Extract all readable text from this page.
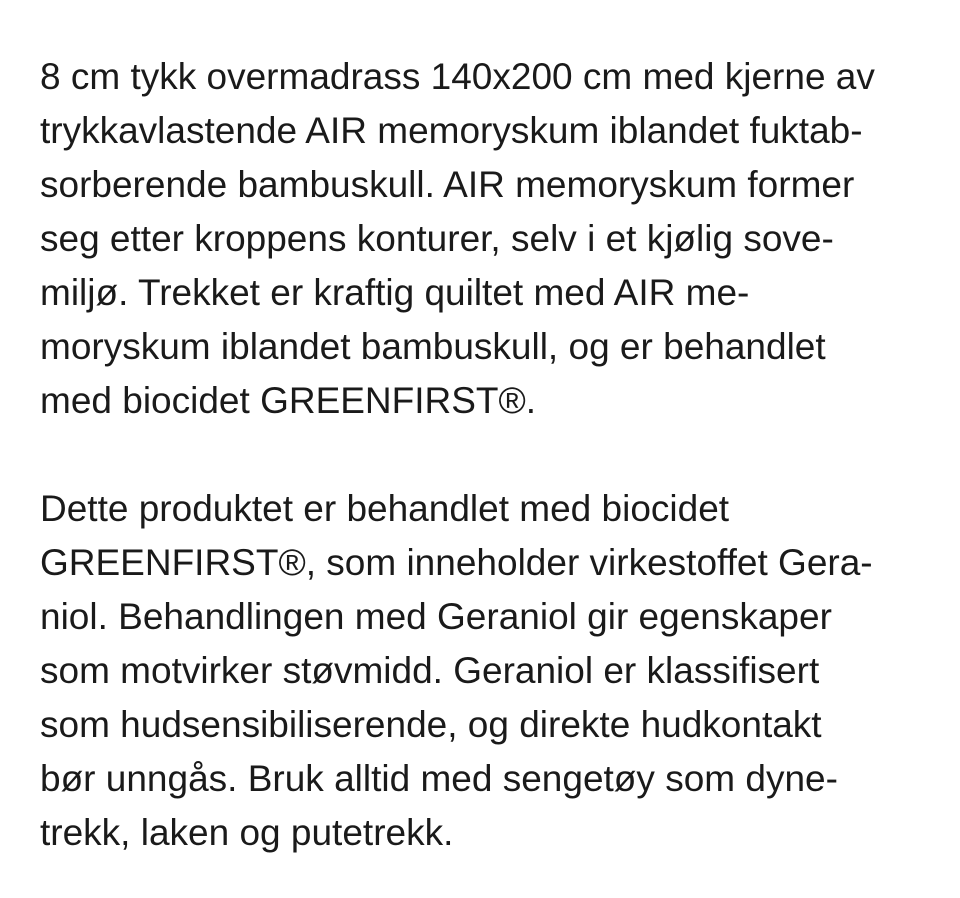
8 cm tykk overmadrass 140x200 cm med kjerne av
trykkavlastende AIR memoryskum iblandet fuktab-
sorberende bambuskull. AIR memoryskum former
seg etter kroppens konturer, selv i et kjølig sove-
miljø. Trekket er kraftig quiltet med AIR me-
moryskum iblandet bambuskull, og er behandlet
med biocidet GREENFIRST®.

Dette produktet er behandlet med biocidet
GREENFIRST®, som inneholder virkestoffet Gera-
niol. Behandlingen med Geraniol gir egenskaper
som motvirker støvmidd. Geraniol er klassifisert
som hudsensibiliserende, og direkte hudkontakt
bør unngås. Bruk alltid med sengetøy som dyne-
trekk, laken og putetrekk.
